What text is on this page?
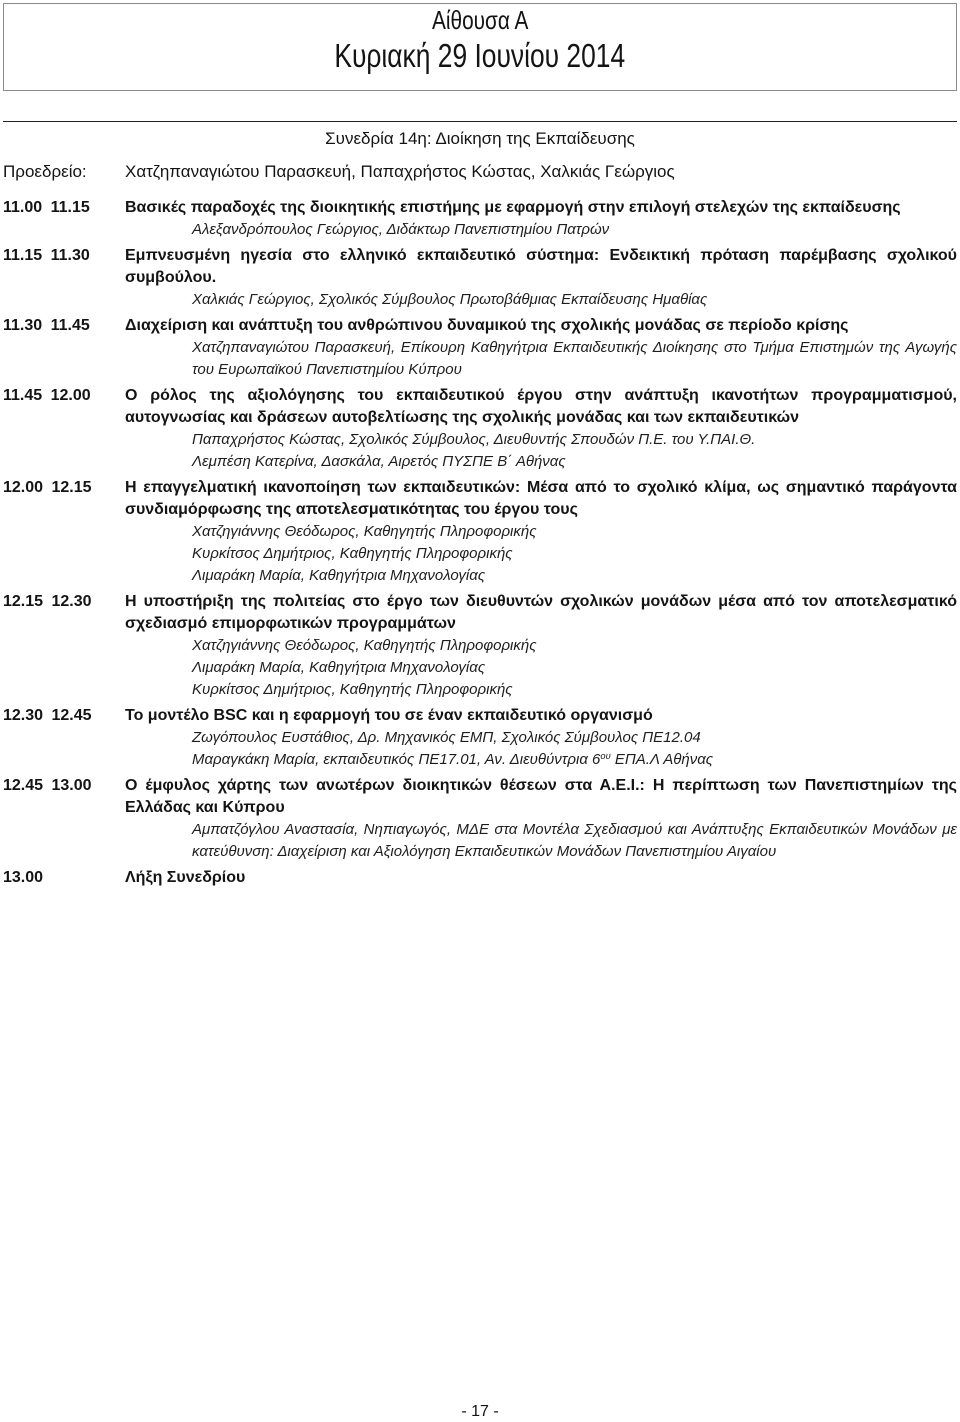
Αίθουσα Α
Κυριακή 29 Ιουνίου 2014
Συνεδρία 14η: Διοίκηση της Εκπαίδευσης
Προεδρείο:	Χατζηπαναγιώτου Παρασκευή, Παπαχρήστος Κώστας, Χαλκιάς Γεώργιος
11.00 11.15	Βασικές παραδοχές της διοικητικής επιστήμης με εφαρμογή στην επιλογή στελεχών της εκπαίδευσης
Αλεξανδρόπουλος Γεώργιος, Διδάκτωρ Πανεπιστημίου Πατρών
11.15 11.30	Εμπνευσμένη ηγεσία στο ελληνικό εκπαιδευτικό σύστημα: Ενδεικτική πρόταση παρέμβασης σχολικού
συμβούλου.
Χαλκιάς Γεώργιος, Σχολικός Σύμβουλος Πρωτοβάθμιας Εκπαίδευσης Ημαθίας
11.30 11.45	Διαχείριση και ανάπτυξη του ανθρώπινου δυναμικού της σχολικής μονάδας σε περίοδο κρίσης
Χατζηπαναγιώτου Παρασκευή, Επίκουρη Καθηγήτρια Εκπαιδευτικής Διοίκησης στο Τμήμα Επιστημών της Αγωγής
του Ευρωπαϊκού Πανεπιστημίου Κύπρου
11.45 12.00	Ο ρόλος της αξιολόγησης του εκπαιδευτικού έργου στην ανάπτυξη ικανοτήτων προγραμματισμού,
αυτογνωσίας και δράσεων αυτοβελτίωσης της σχολικής μονάδας και των εκπαιδευτικών
Παπαχρήστος Κώστας, Σχολικός Σύμβουλος, Διευθυντής Σπουδών Π.Ε. του Υ.ΠΑΙ.Θ.
Λεμπέση Κατερίνα, Δασκάλα, Αιρετός ΠΥΣΠΕ Β΄ Αθήνας
12.00 12.15	Η επαγγελματική ικανοποίηση των εκπαιδευτικών: Μέσα από το σχολικό κλίμα, ως σημαντικό παράγοντα
συνδιαμόρφωσης της αποτελεσματικότητας του έργου τους
Χατζηγιάννης Θεόδωρος, Καθηγητής Πληροφορικής
Κυρκίτσος Δημήτριος, Καθηγητής Πληροφορικής
Λιμαράκη Μαρία, Καθηγήτρια Μηχανολογίας
12.15 12.30	Η υποστήριξη της πολιτείας στο έργο των διευθυντών σχολικών μονάδων μέσα από τον αποτελεσματικό
σχεδιασμό επιμορφωτικών προγραμμάτων
Χατζηγιάννης Θεόδωρος, Καθηγητής Πληροφορικής
Λιμαράκη Μαρία, Καθηγήτρια Μηχανολογίας
Κυρκίτσος Δημήτριος, Καθηγητής Πληροφορικής
12.30 12.45	Το μοντέλο BSC και η εφαρμογή του σε έναν εκπαιδευτικό οργανισμό
Ζωγόπουλος Ευστάθιος, Δρ. Μηχανικός ΕΜΠ, Σχολικός Σύμβουλος ΠΕ12.04
Μαραγκάκη Μαρία, εκπαιδευτικός ΠΕ17.01, Αν. Διευθύντρια $6^{o\upsilon}$ ΕΠΑ.Λ Αθήνας
12.45 13.00	Ο έμφυλος χάρτης των ανωτέρων διοικητικών θέσεων στα Α.Ε.Ι.: Η περίπτωση των Πανεπιστημίων της
Ελλάδας και Κύπρου
Αμπατζόγλου Αναστασία, Νηπιαγωγός, ΜΔΕ στα Μοντέλα Σχεδιασμού και Ανάπτυξης Εκπαιδευτικών Μονάδων με
κατεύθυνση: Διαχείριση και Αξιολόγηση Εκπαιδευτικών Μονάδων Πανεπιστημίου Αιγαίου
13.00	Λήξη Συνεδρίου
- 17 -
